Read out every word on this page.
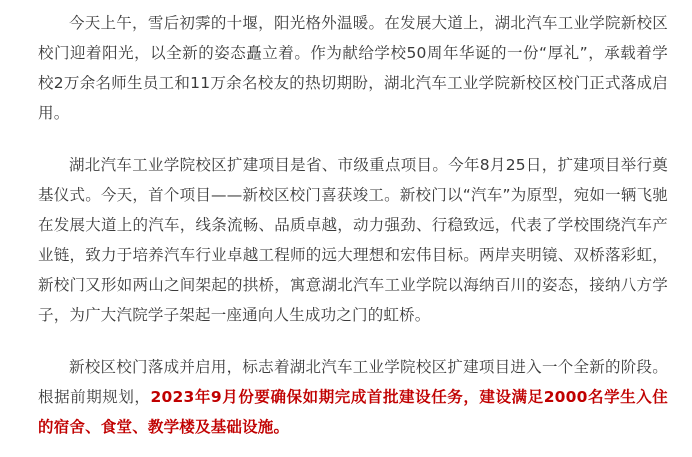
今天上午，雪后初霁的十堰，阳光格外温暖。在发展大道上，湖北汽车工业学院新校区校门迎着阳光，以全新的姿态矗立着。作为献给学校50周年华诞的一份“厚礼”，承载着学校2万余名师生员工和11万余名校友的热切期盼，湖北汽车工业学院新校区校门正式落成启用。

湖北汽车工业学院校区扩建项目是省、市级重点项目。今年8月25日，扩建项目举行奠基仪式。今天，首个项目——新校区校门喜获竣工。新校门以“汽车”为原型，宛如一辆飞驰在发展大道上的汽车，线条流畅、品质卓越，动力强劲、行稳致远，代表了学校围绕汽车产业链，致力于培养汽车行业卓越工程师的远大理想和宏伟目标。两岸夹明镜、双桥落彩虹，新校门又形如两山之间架起的拱桥，寓意湖北汽车工业学院以海纳百川的姿态，接纳八方学子，为广大汽院学子架起一座通向人生成功之门的虹桥。

新校区校门落成并启用，标志着湖北汽车工业学院校区扩建项目进入一个全新的阶段。根据前期规划，2023年9月份要确保如期完成首批建设任务，建设满足2000名学生入住的宿舍、食堂、教学楼及基础设施。
